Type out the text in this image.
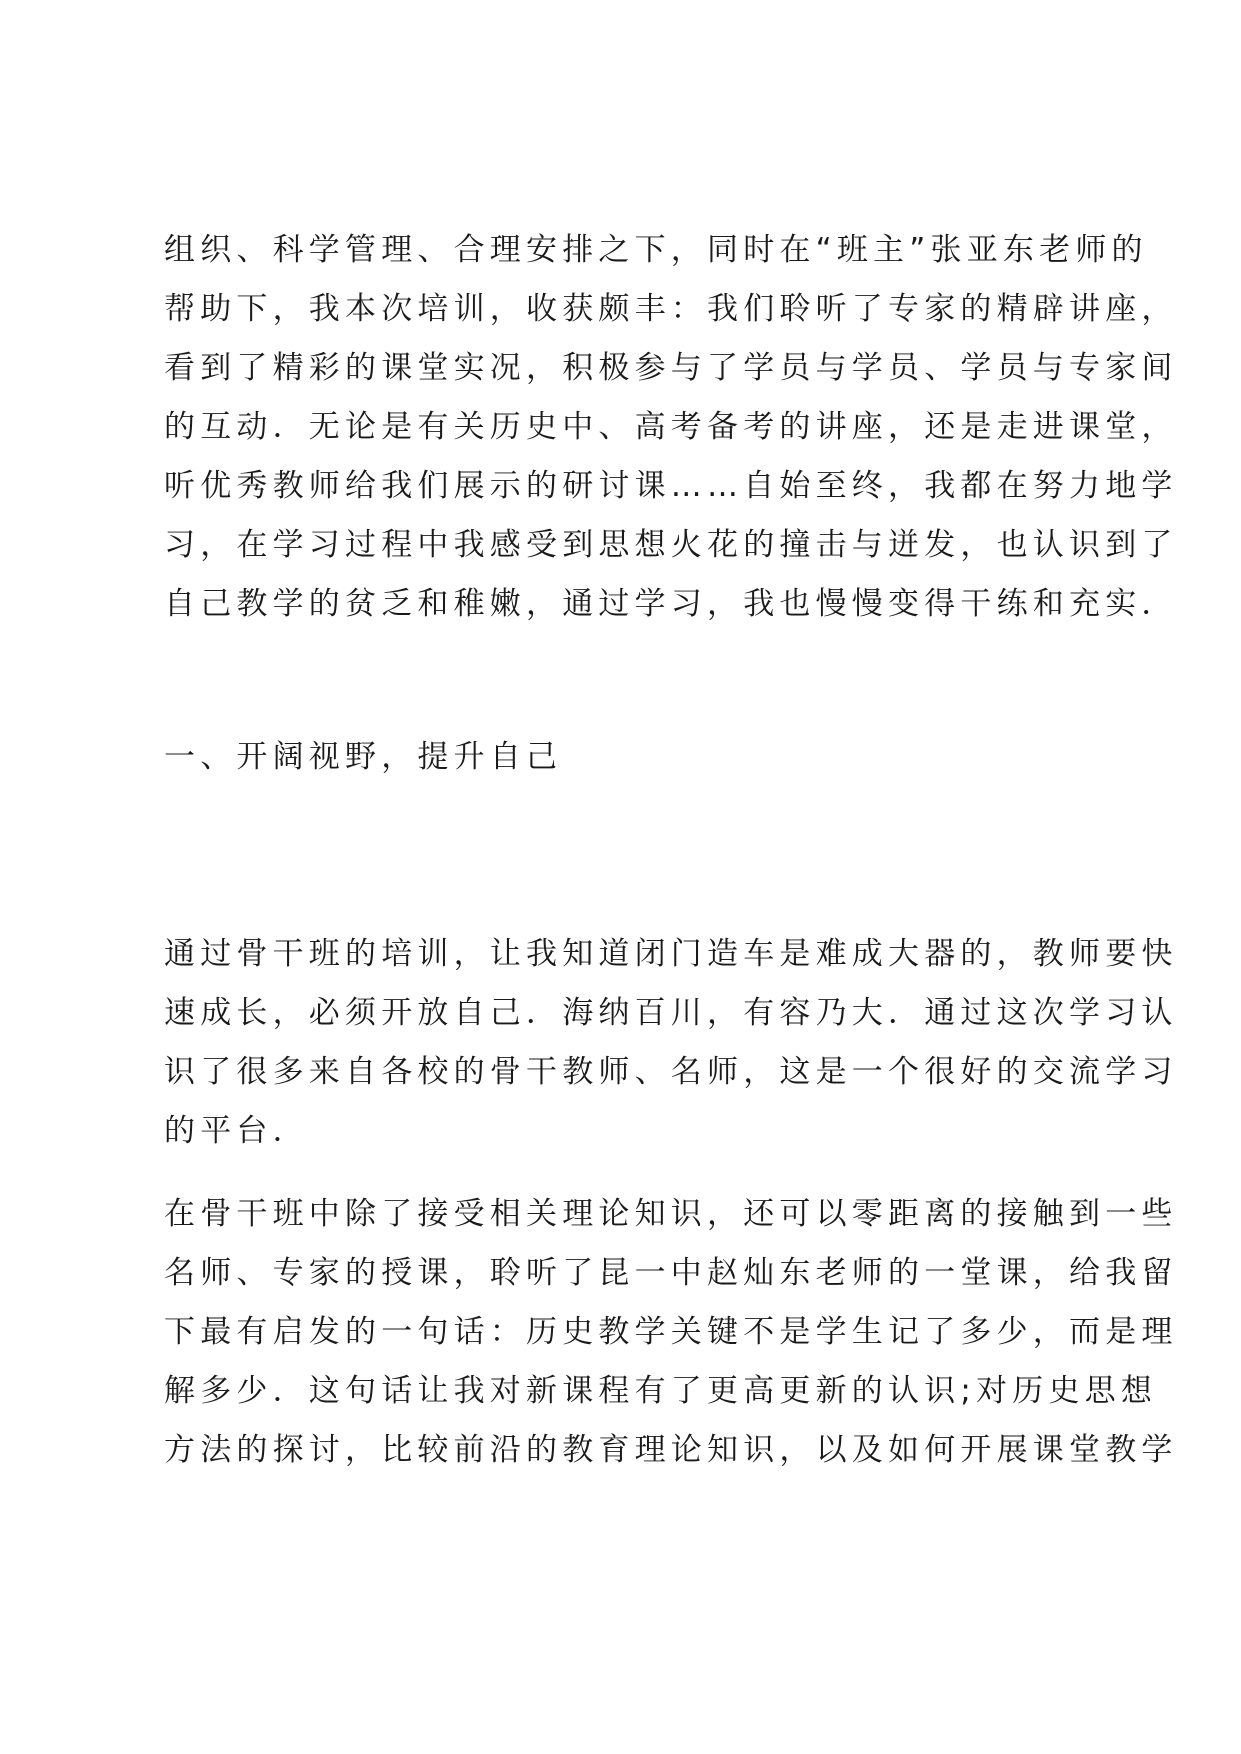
组织、科学管理、合理安排之下，同时在“班主”张亚东老师的
帮助下，我本次培训，收获颇丰：我们聆听了专家的精辟讲座，
看到了精彩的课堂实况，积极参与了学员与学员、学员与专家间
的互动．无论是有关历史中、高考备考的讲座，还是走进课堂，
听优秀教师给我们展示的研讨课……自始至终，我都在努力地学
习，在学习过程中我感受到思想火花的撞击与迸发，也认识到了
自己教学的贫乏和稚嫩，通过学习，我也慢慢变得干练和充实．
一、开阔视野，提升自己
通过骨干班的培训，让我知道闭门造车是难成大器的，教师要快
速成长，必须开放自己．海纳百川，有容乃大．通过这次学习认
识了很多来自各校的骨干教师、名师，这是一个很好的交流学习
的平台．
在骨干班中除了接受相关理论知识，还可以零距离的接触到一些
名师、专家的授课，聆听了昆一中赵灿东老师的一堂课，给我留
下最有启发的一句话：历史教学关键不是学生记了多少，而是理
解多少．这句话让我对新课程有了更高更新的认识;对历史思想
方法的探讨，比较前沿的教育理论知识，以及如何开展课堂教学
